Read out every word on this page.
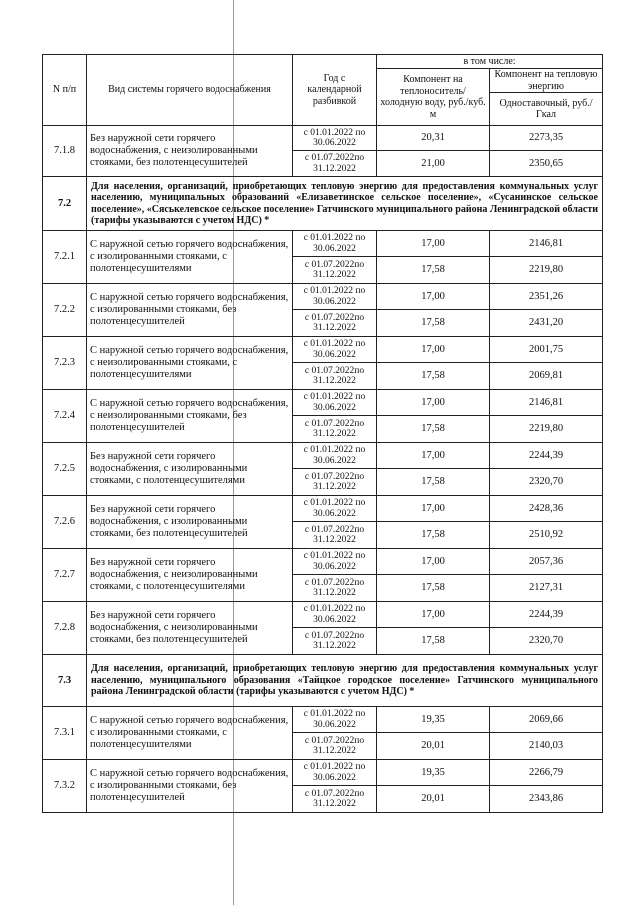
N п/п	Вид системы горячего водоснабжения	Год с календарной разбивкой	в том числе:	
			Компонент на теплоноситель/ холодную воду, руб./куб. м	Компонент на тепловую энергию
				Одноставочный, руб./Гкал
7.1.8	Без наружной сети горячего водоснабжения, с неизолированными стояками, без полотенцесушителей	с 01.01.2022 по 30.06.2022	20,31	2273,35
		с 01.07.2022по 31.12.2022	21,00	2350,65
7.2	Для населения, организаций, приобретающих тепловую энергию для предоставления коммунальных услуг населению, муниципальных образований «Елизаветинское сельское поселение», «Сусанинское сельское поселение», «Сяськелевское сельское поселение» Гатчинского муниципального района Ленинградской области (тарифы указываются с учетом НДС) *			
7.2.1	С наружной сетью горячего водоснабжения, с изолированными стояками, с полотенцесушителями	с 01.01.2022 по 30.06.2022	17,00	2146,81
		с 01.07.2022по 31.12.2022	17,58	2219,80
7.2.2	С наружной сетью горячего водоснабжения, с изолированными стояками, без полотенцесушителей	с 01.01.2022 по 30.06.2022	17,00	2351,26
		с 01.07.2022по 31.12.2022	17,58	2431,20
7.2.3	С наружной сетью горячего водоснабжения, с неизолированными стояками, с полотенцесушителями	с 01.01.2022 по 30.06.2022	17,00	2001,75
		с 01.07.2022по 31.12.2022	17,58	2069,81
7.2.4	С наружной сетью горячего водоснабжения, с неизолированными стояками, без полотенцесушителей	с 01.01.2022 по 30.06.2022	17,00	2146,81
		с 01.07.2022по 31.12.2022	17,58	2219,80
7.2.5	Без наружной сети горячего водоснабжения, с изолированными стояками, с полотенцесушителями	с 01.01.2022 по 30.06.2022	17,00	2244,39
		с 01.07.2022по 31.12.2022	17,58	2320,70
7.2.6	Без наружной сети горячего водоснабжения, с изолированными стояками, без полотенцесушителей	с 01.01.2022 по 30.06.2022	17,00	2428,36
		с 01.07.2022по 31.12.2022	17,58	2510,92
7.2.7	Без наружной сети горячего водоснабжения, с неизолированными стояками, с полотенцесушителями	с 01.01.2022 по 30.06.2022	17,00	2057,36
		с 01.07.2022по 31.12.2022	17,58	2127,31
7.2.8	Без наружной сети горячего водоснабжения, с неизолированными стояками, без полотенцесушителей	с 01.01.2022 по 30.06.2022	17,00	2244,39
		с 01.07.2022по 31.12.2022	17,58	2320,70
7.3	Для населения, организаций, приобретающих тепловую энергию для предоставления коммунальных услуг населению, муниципального образования «Тайцкое городское поселение» Гатчинского муниципального района Ленинградской области (тарифы указываются с учетом НДС) *			
7.3.1	С наружной сетью горячего водоснабжения, с изолированными стояками, с полотенцесушителями	с 01.01.2022 по 30.06.2022	19,35	2069,66
		с 01.07.2022по 31.12.2022	20,01	2140,03
7.3.2	С наружной сетью горячего водоснабжения, с изолированными стояками, без полотенцесушителей	с 01.01.2022 по 30.06.2022	19,35	2266,79
		с 01.07.2022по 31.12.2022	20,01	2343,86
